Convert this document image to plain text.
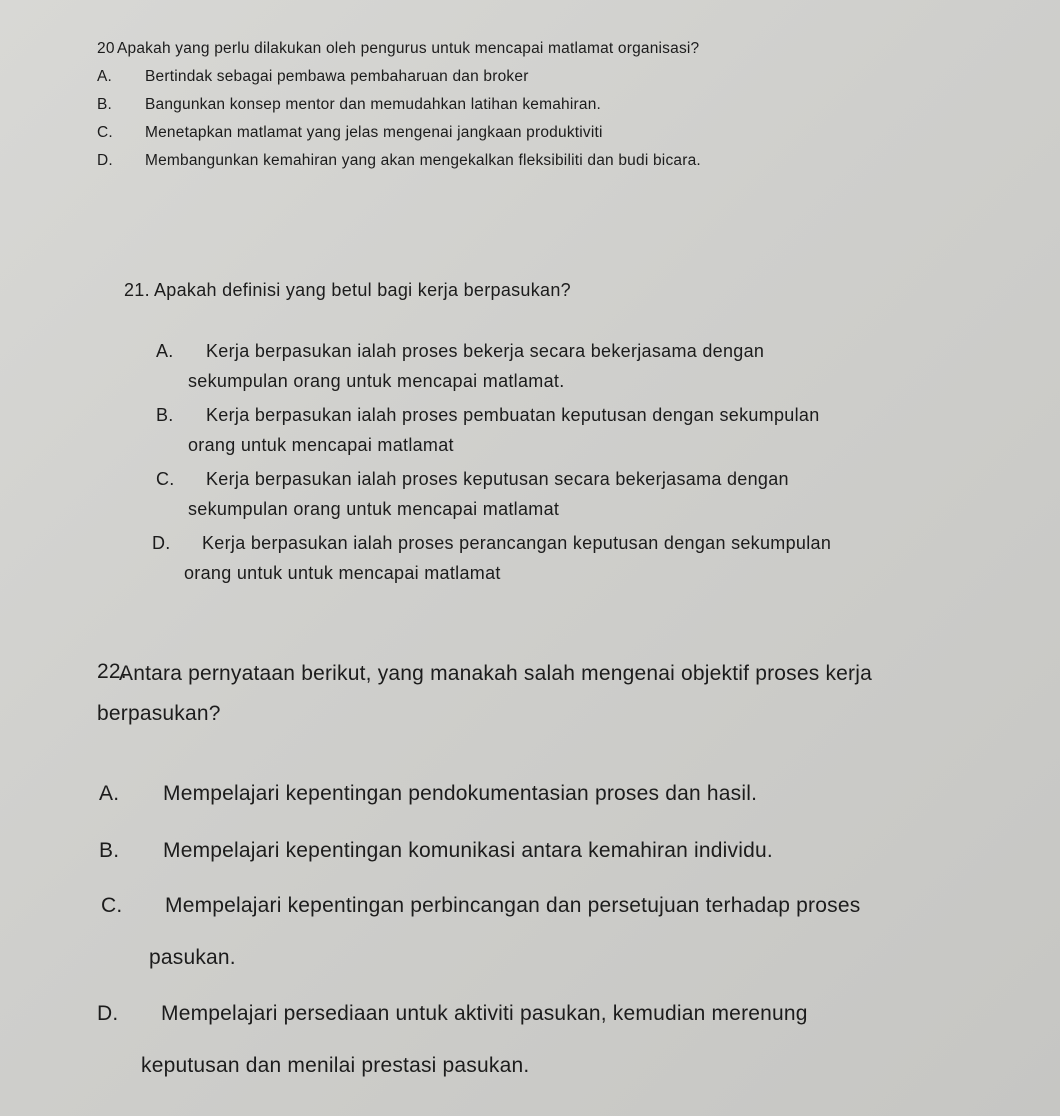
20 Apakah yang perlu dilakukan oleh pengurus untuk mencapai matlamat organisasi?
A. Bertindak sebagai pembawa pembaharuan dan broker
B. Bangunkan konsep mentor dan memudahkan latihan kemahiran.
C. Menetapkan matlamat yang jelas mengenai jangkaan produktiviti
D. Membangunkan kemahiran yang akan mengekalkan fleksibiliti dan budi bicara.
21. Apakah definisi yang betul bagi kerja berpasukan?
A. Kerja berpasukan ialah proses bekerja secara bekerjasama dengan
sekumpulan orang untuk mencapai matlamat.
B. Kerja berpasukan ialah proses pembuatan keputusan dengan sekumpulan
orang untuk mencapai matlamat
C. Kerja berpasukan ialah proses keputusan secara bekerjasama dengan
sekumpulan orang untuk mencapai matlamat
D. Kerja berpasukan ialah proses perancangan keputusan dengan sekumpulan
orang untuk untuk mencapai matlamat
22.
Antara pernyataan berikut, yang manakah salah mengenai objektif proses kerja
berpasukan?
A. Mempelajari kepentingan pendokumentasian proses dan hasil.
B. Mempelajari kepentingan komunikasi antara kemahiran individu.
C. Mempelajari kepentingan perbincangan dan persetujuan terhadap proses
pasukan.
D. Mempelajari persediaan untuk aktiviti pasukan, kemudian merenung
keputusan dan menilai prestasi pasukan.
